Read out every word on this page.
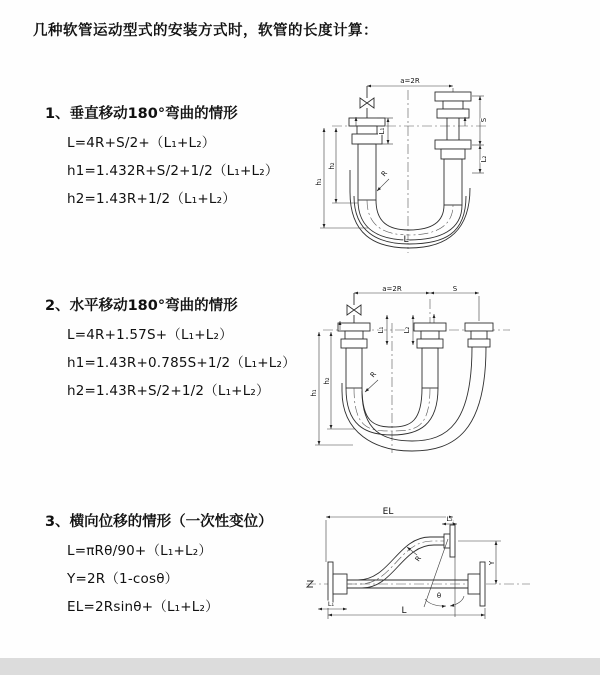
几种软管运动型式的安装方式时，软管的长度计算：
1、垂直移动180°弯曲的情形

L=4R+S/2+（L₁+L₂）

h1=1.432R+S/2+1/2（L₁+L₂）

h2=1.43R+1/2（L₁+L₂）

a=2R
L₁
S
L₂
h₁
h₂
R
L
2、水平移动180°弯曲的情形

L=4R+1.57S+（L₁+L₂）

h1=1.43R+0.785S+1/2（L₁+L₂）

h2=1.43R+S/2+1/2（L₁+L₂）

a=2R	S
L₁	L₂
h₁
h₂
R
3、横向位移的情形（一次性变位）

L=πRθ/90+（L₁+L₂）

Y=2R（1-cosθ）

EL=2Rsinθ+（L₁+L₂）

EL
L₂
Y
R
θ
L
L₁
